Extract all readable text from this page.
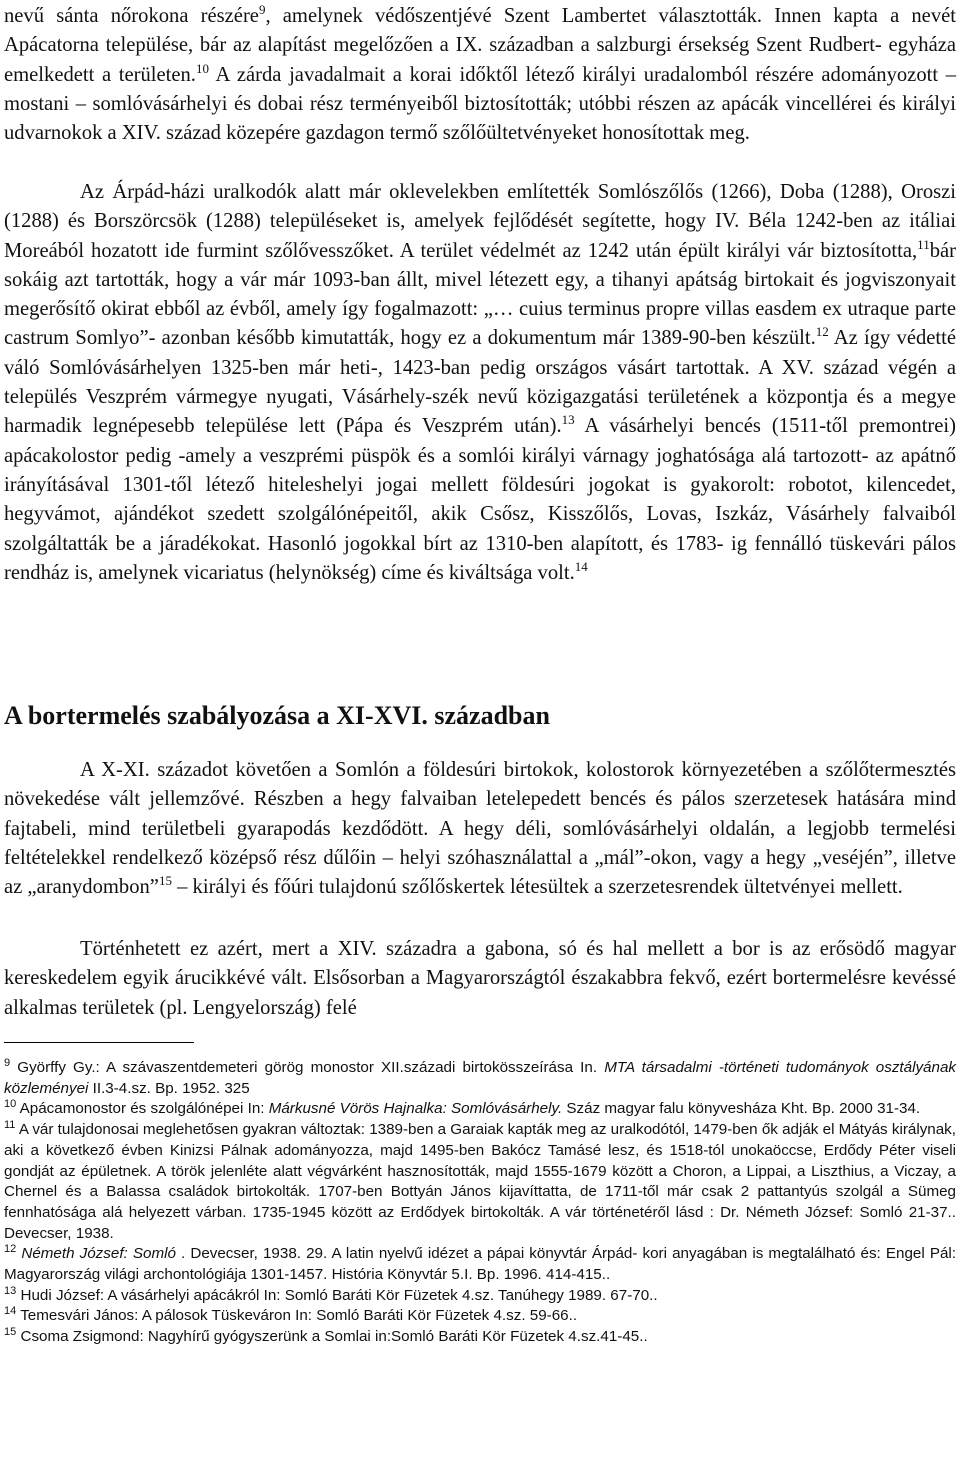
nevű sánta nőrokona részére$^9$, amelynek védőszentjévé Szent Lambertet választották. Innen kapta a nevét Apácatorna települése, bár az alapítást megelőzően a IX. században a salzburgi érsekség Szent Rudbert- egyháza emelkedett a területen.$^{10}$ A zárda javadalmait a korai időktől létező királyi uradalomból részére adományozott – mostani – somlóvásárhelyi és dobai rész terményeiből biztosították; utóbbi részen az apácák vincellérei és királyi udvarnokok a XIV. század közepére gazdagon termő szőlőültetvényeket honosítottak meg.

Az Árpád-házi uralkodók alatt már oklevelekben említették Somlószőlős (1266), Doba (1288), Oroszi (1288) és Borszörcsök (1288) településeket is, amelyek fejlődését segítette, hogy IV. Béla 1242-ben az itáliai Moreából hozatott ide furmint szőlővesszőket. A terület védelmét az 1242 után épült királyi vár biztosította,$^{11}$bár sokáig azt tartották, hogy a vár már 1093-ban állt, mivel létezett egy, a tihanyi apátság birtokait és jogviszonyait megerősítő okirat ebből az évből, amely így fogalmazott: „… cuius terminus propre villas easdem ex utraque parte castrum Somlyo”- azonban később kimutatták, hogy ez a dokumentum már 1389-90-ben készült.$^{12}$ Az így védetté váló Somlóvásárhelyen 1325-ben már heti-, 1423-ban pedig országos vásárt tartottak. A XV. század végén a település Veszprém vármegye nyugati, Vásárhely-szék nevű közigazgatási területének a központja és a megye harmadik legnépesebb települése lett (Pápa és Veszprém után).$^{13}$ A vásárhelyi bencés (1511-től premontrei) apácakolostor pedig -amely a veszprémi püspök és a somlói királyi várnagy joghatósága alá tartozott- az apátnő irányításával 1301-től létező hiteleshelyi jogai mellett földesúri jogokat is gyakorolt: robotot, kilencedet, hegyvámot, ajándékot szedett szolgálónépeitől, akik Csősz, Kisszőlős, Lovas, Iszkáz, Vásárhely falvaiból szolgáltatták be a járadékokat. Hasonló jogokkal bírt az 1310-ben alapított, és 1783- ig fennálló tüskevári pálos rendház is, amelynek vicariatus (helynökség) címe és kiváltsága volt.$^{14}$

A bortermelés szabályozása a XI-XVI. században

A X-XI. századot követően a Somlón a földesúri birtokok, kolostorok környezetében a szőlőtermesztés növekedése vált jellemzővé. Részben a hegy falvaiban letelepedett bencés és pálos szerzetesek hatására mind fajtabeli, mind területbeli gyarapodás kezdődött. A hegy déli, somlóvásárhelyi oldalán, a legjobb termelési feltételekkel rendelkező középső rész dűlőin – helyi szóhasználattal a „mál”-okon, vagy a hegy „veséjén”, illetve az „aranydombon”$^{15}$ – királyi és főúri tulajdonú szőlőskertek létesültek a szerzetesrendek ültetvényei mellett.

Történhetett ez azért, mert a XIV. századra a gabona, só és hal mellett a bor is az erősödő magyar kereskedelem egyik árucikkévé vált. Elsősorban a Magyarországtól északabbra fekvő, ezért bortermelésre kevéssé alkalmas területek (pl. Lengyelország) felé

$^9$ Györffy Gy.: A szávaszentdemeteri görög monostor XII.századi birtokösszeírása In. MTA társadalmi -történeti tudományok osztályának közleményei II.3-4.sz. Bp. 1952. 325

$^{10}$ Apácamonostor és szolgálónépei In: Márkusné Vörös Hajnalka: Somlóvásárhely. Száz magyar falu könyvesháza Kht. Bp. 2000 31-34.

$^{11}$ A vár tulajdonosai meglehetősen gyakran változtak: 1389-ben a Garaiak kapták meg az uralkodótól, 1479-ben ők adják el Mátyás királynak, aki a következő évben Kinizsi Pálnak adományozza, majd 1495-ben Bakócz Tamásé lesz, és 1518-tól unokaöccse, Erdődy Péter viseli gondját az épületnek. A török jelenléte alatt végvárként hasznosították, majd 1555-1679 között a Choron, a Lippai, a Liszthius, a Viczay, a Chernel és a Balassa családok birtokolták. 1707-ben Bottyán János kijavíttatta, de 1711-től már csak 2 pattantyús szolgál a Sümeg fennhatósága alá helyezett várban. 1735-1945 között az Erdődyek birtokolták. A vár történetéről lásd : Dr. Németh József: Somló 21-37.. Devecser, 1938.

$^{12}$ Németh József: Somló . Devecser, 1938. 29. A latin nyelvű idézet a pápai könyvtár Árpád- kori anyagában is megtalálható és: Engel Pál: Magyarország világi archontológiája 1301-1457. História Könyvtár 5.I. Bp. 1996. 414-415..

$^{13}$ Hudi József: A vásárhelyi apácákról In: Somló Baráti Kör Füzetek 4.sz. Tanúhegy 1989. 67-70..

$^{14}$ Temesvári János: A pálosok Tüskeváron In: Somló Baráti Kör Füzetek 4.sz. 59-66..

$^{15}$ Csoma Zsigmond: Nagyhírű gyógyszerünk a Somlai in:Somló Baráti Kör Füzetek 4.sz.41-45..
